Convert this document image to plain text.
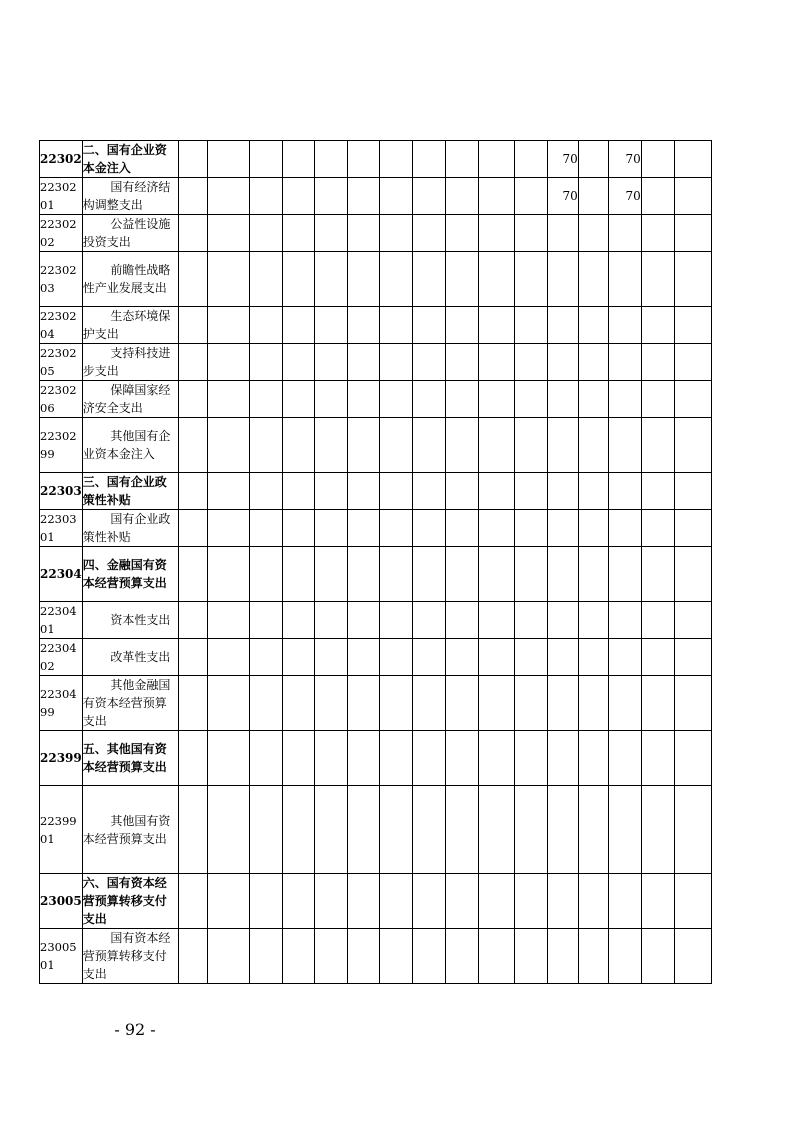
22302	二、国有企业资本金注入												70		70		
2230201	国有经济结构调整支出												70		70		
2230202	公益性设施投资支出																

2230203	前瞻性战略性产业发展支出																

2230204	生态环境保护支出																

2230205	支持科技进步支出																

2230206	保障国家经济安全支出																

2230299	其他国有企业资本金注入																

22303	三、国有企业政策性补贴																

2230301	国有企业政策性补贴																

22304	四、金融国有资本经营预算支出																

2230401	资本性支出																

2230402	改革性支出																

2230499	其他金融国有资本经营预算支出																

22399	五、其他国有资本经营预算支出																

2239901	其他国有资本经营预算支出																

23005	六、国有资本经营预算转移支付支出																

2300501	国有资本经营预算转移支付支出																

- 92 -
